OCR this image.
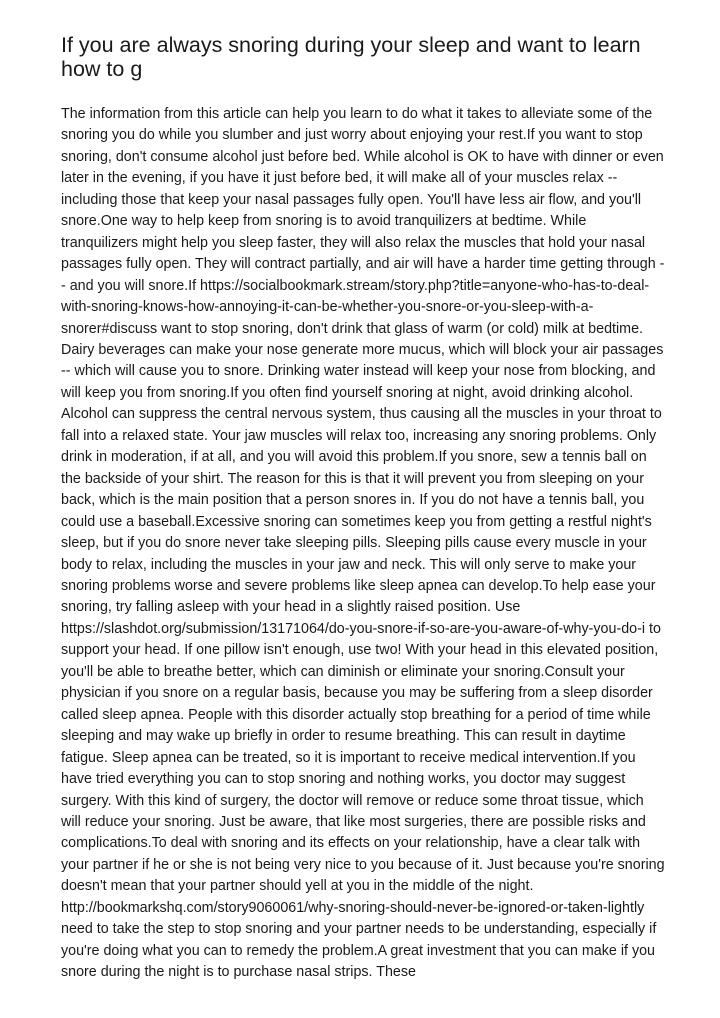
If you are always snoring during your sleep and want to learn how to g

The information from this article can help you learn to do what it takes to alleviate some of the snoring you do while you slumber and just worry about enjoying your rest.If you want to stop snoring, don't consume alcohol just before bed. While alcohol is OK to have with dinner or even later in the evening, if you have it just before bed, it will make all of your muscles relax -- including those that keep your nasal passages fully open. You'll have less air flow, and you'll snore.One way to help keep from snoring is to avoid tranquilizers at bedtime. While tranquilizers might help you sleep faster, they will also relax the muscles that hold your nasal passages fully open. They will contract partially, and air will have a harder time getting through -- and you will snore.If https://socialbookmark.stream/story.php?title=anyone-who-has-to-deal-with-snoring-knows-how-annoying-it-can-be-whether-you-snore-or-you-sleep-with-a-snorer#discuss want to stop snoring, don't drink that glass of warm (or cold) milk at bedtime. Dairy beverages can make your nose generate more mucus, which will block your air passages -- which will cause you to snore. Drinking water instead will keep your nose from blocking, and will keep you from snoring.If you often find yourself snoring at night, avoid drinking alcohol. Alcohol can suppress the central nervous system, thus causing all the muscles in your throat to fall into a relaxed state. Your jaw muscles will relax too, increasing any snoring problems. Only drink in moderation, if at all, and you will avoid this problem.If you snore, sew a tennis ball on the backside of your shirt. The reason for this is that it will prevent you from sleeping on your back, which is the main position that a person snores in. If you do not have a tennis ball, you could use a baseball.Excessive snoring can sometimes keep you from getting a restful night's sleep, but if you do snore never take sleeping pills. Sleeping pills cause every muscle in your body to relax, including the muscles in your jaw and neck. This will only serve to make your snoring problems worse and severe problems like sleep apnea can develop.To help ease your snoring, try falling asleep with your head in a slightly raised position. Use https://slashdot.org/submission/13171064/do-you-snore-if-so-are-you-aware-of-why-you-do-i to support your head. If one pillow isn't enough, use two! With your head in this elevated position, you'll be able to breathe better, which can diminish or eliminate your snoring.Consult your physician if you snore on a regular basis, because you may be suffering from a sleep disorder called sleep apnea. People with this disorder actually stop breathing for a period of time while sleeping and may wake up briefly in order to resume breathing. This can result in daytime fatigue. Sleep apnea can be treated, so it is important to receive medical intervention.If you have tried everything you can to stop snoring and nothing works, you doctor may suggest surgery. With this kind of surgery, the doctor will remove or reduce some throat tissue, which will reduce your snoring. Just be aware, that like most surgeries, there are possible risks and complications.To deal with snoring and its effects on your relationship, have a clear talk with your partner if he or she is not being very nice to you because of it. Just because you're snoring doesn't mean that your partner should yell at you in the middle of the night. http://bookmarkshq.com/story9060061/why-snoring-should-never-be-ignored-or-taken-lightly need to take the step to stop snoring and your partner needs to be understanding, especially if you're doing what you can to remedy the problem.A great investment that you can make if you snore during the night is to purchase nasal strips. These
